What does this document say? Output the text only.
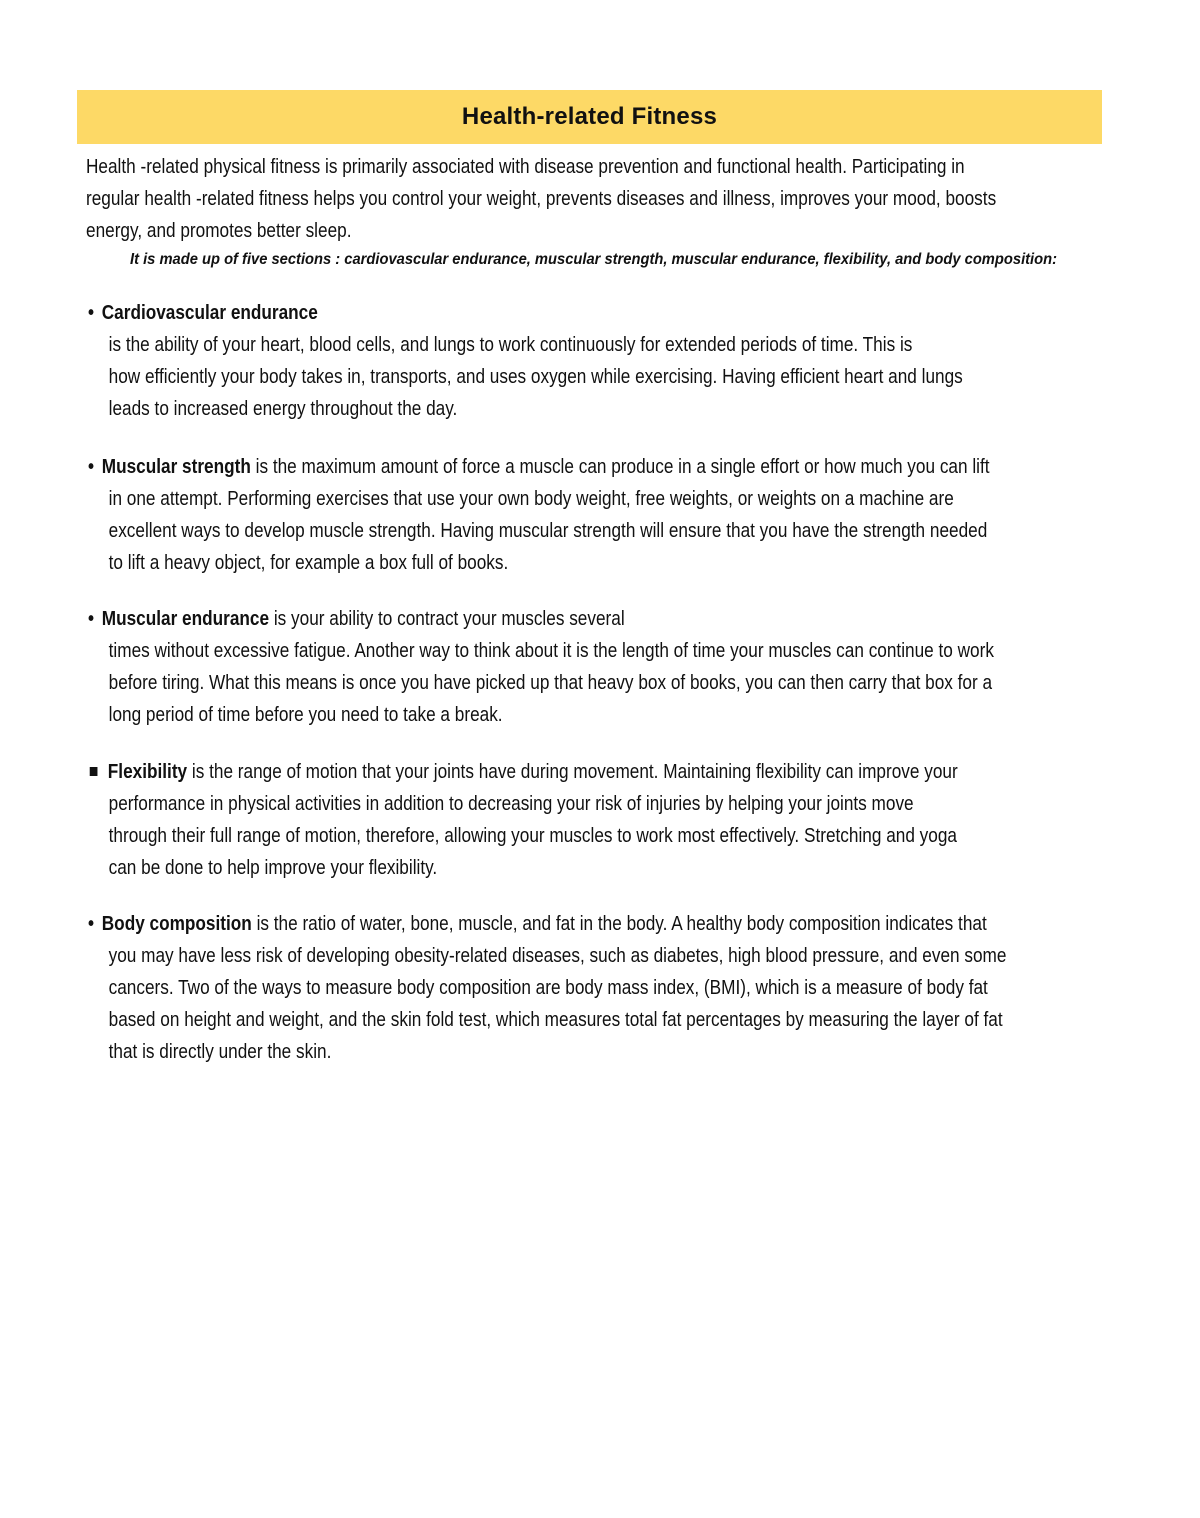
Health-related Fitness

Health -related physical fitness is primarily associated with disease prevention and functional health. Participating in

regular health -related fitness helps you control your weight, prevents diseases and illness, improves your mood, boosts

energy, and promotes better sleep.

It is made up of five sections : cardiovascular endurance, muscular strength, muscular endurance, flexibility, and body composition:
• Cardiovascular endurance
is the ability of your heart, blood cells, and lungs to work continuously for extended periods of time. This is
how efficiently your body takes in, transports, and uses oxygen while exercising. Having efficient heart and lungs
leads to increased energy throughout the day.
• Muscular strength is the maximum amount of force a muscle can produce in a single effort or how much you can lift
in one attempt. Performing exercises that use your own body weight, free weights, or weights on a machine are
excellent ways to develop muscle strength. Having muscular strength will ensure that you have the strength needed
to lift a heavy object, for example a box full of books.
• Muscular endurance is your ability to contract your muscles several
times without excessive fatigue. Another way to think about it is the length of time your muscles can continue to work
before tiring. What this means is once you have picked up that heavy box of books, you can then carry that box for a
long period of time before you need to take a break.
Flexibility is the range of motion that your joints have during movement. Maintaining flexibility can improve your
performance in physical activities in addition to decreasing your risk of injuries by helping your joints move
through their full range of motion, therefore, allowing your muscles to work most effectively. Stretching and yoga
can be done to help improve your flexibility.
• Body composition is the ratio of water, bone, muscle, and fat in the body. A healthy body composition indicates that
you may have less risk of developing obesity-related diseases, such as diabetes, high blood pressure, and even some
cancers. Two of the ways to measure body composition are body mass index, (BMI), which is a measure of body fat
based on height and weight, and the skin fold test, which measures total fat percentages by measuring the layer of fat
that is directly under the skin.
